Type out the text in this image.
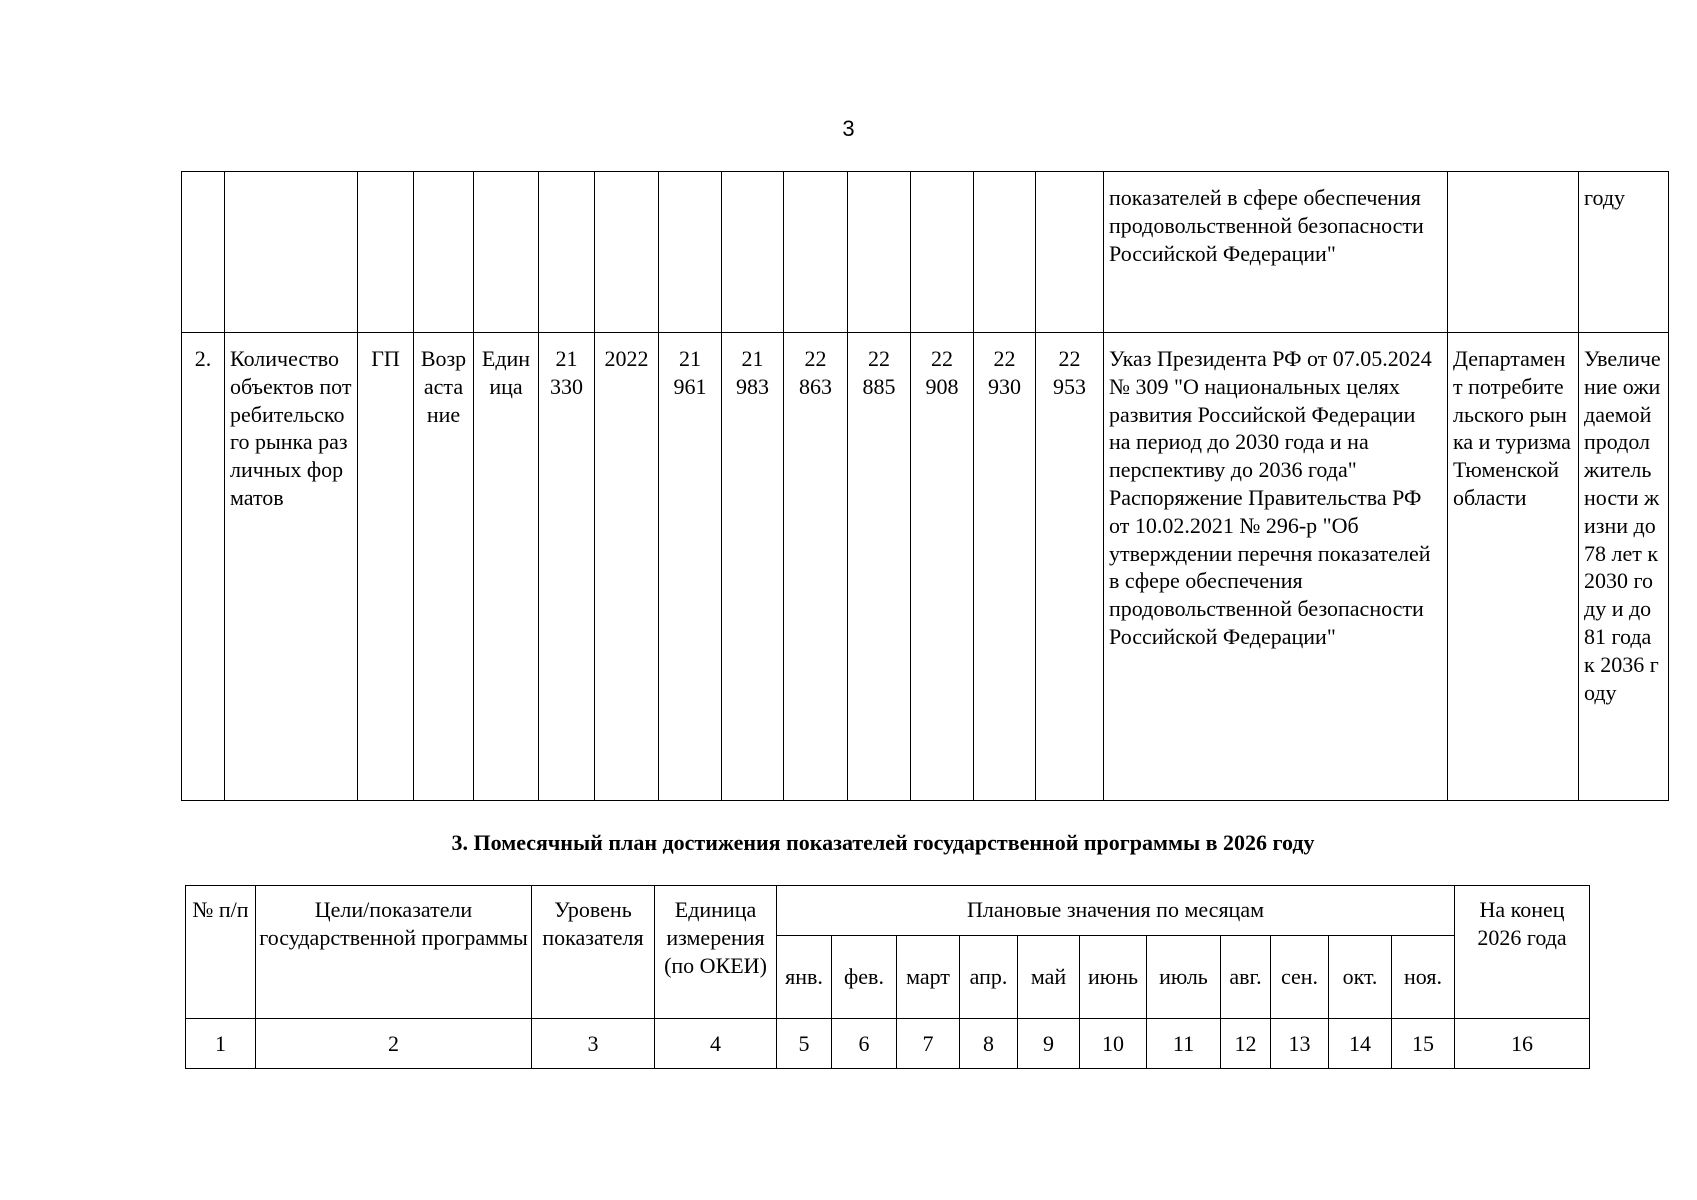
3
														показателей в сфере обеспечения продовольственной безопасности Российской Федерации"		году
2.	Количество объектов потребительского рынка различных форматов	ГП	Возрастание	Единица	21 330	2022	21 961	21 983	22 863	22 885	22 908	22 930	22 953	Указ Президента РФ от 07.05.2024 № 309 "О национальных целях развития Российской Федерации на период до 2030 года и на перспективу до 2036 года" Распоряжение Правительства РФ от 10.02.2021 № 296-р "Об утверждении перечня показателей в сфере обеспечения продовольственной безопасности Российской Федерации"	Департамент потребительского рынка и туризма Тюменской области	Увеличение ожидаемой продолжительности жизни до 78 лет к 2030 году и до 81 года к 2036 году
3. Помесячный план достижения показателей государственной программы в 2026 году
№ п/п	Цели/показатели государственной программы	Уровень показателя	Единица измерения (по ОКЕИ)	Плановые значения по месяцам											На конец 2026 года
				янв.	фев.	март	апр.	май	июнь	июль	авг.	сен.	окт.	ноя.	
1	2	3	4	5	6	7	8	9	10	11	12	13	14	15	16
